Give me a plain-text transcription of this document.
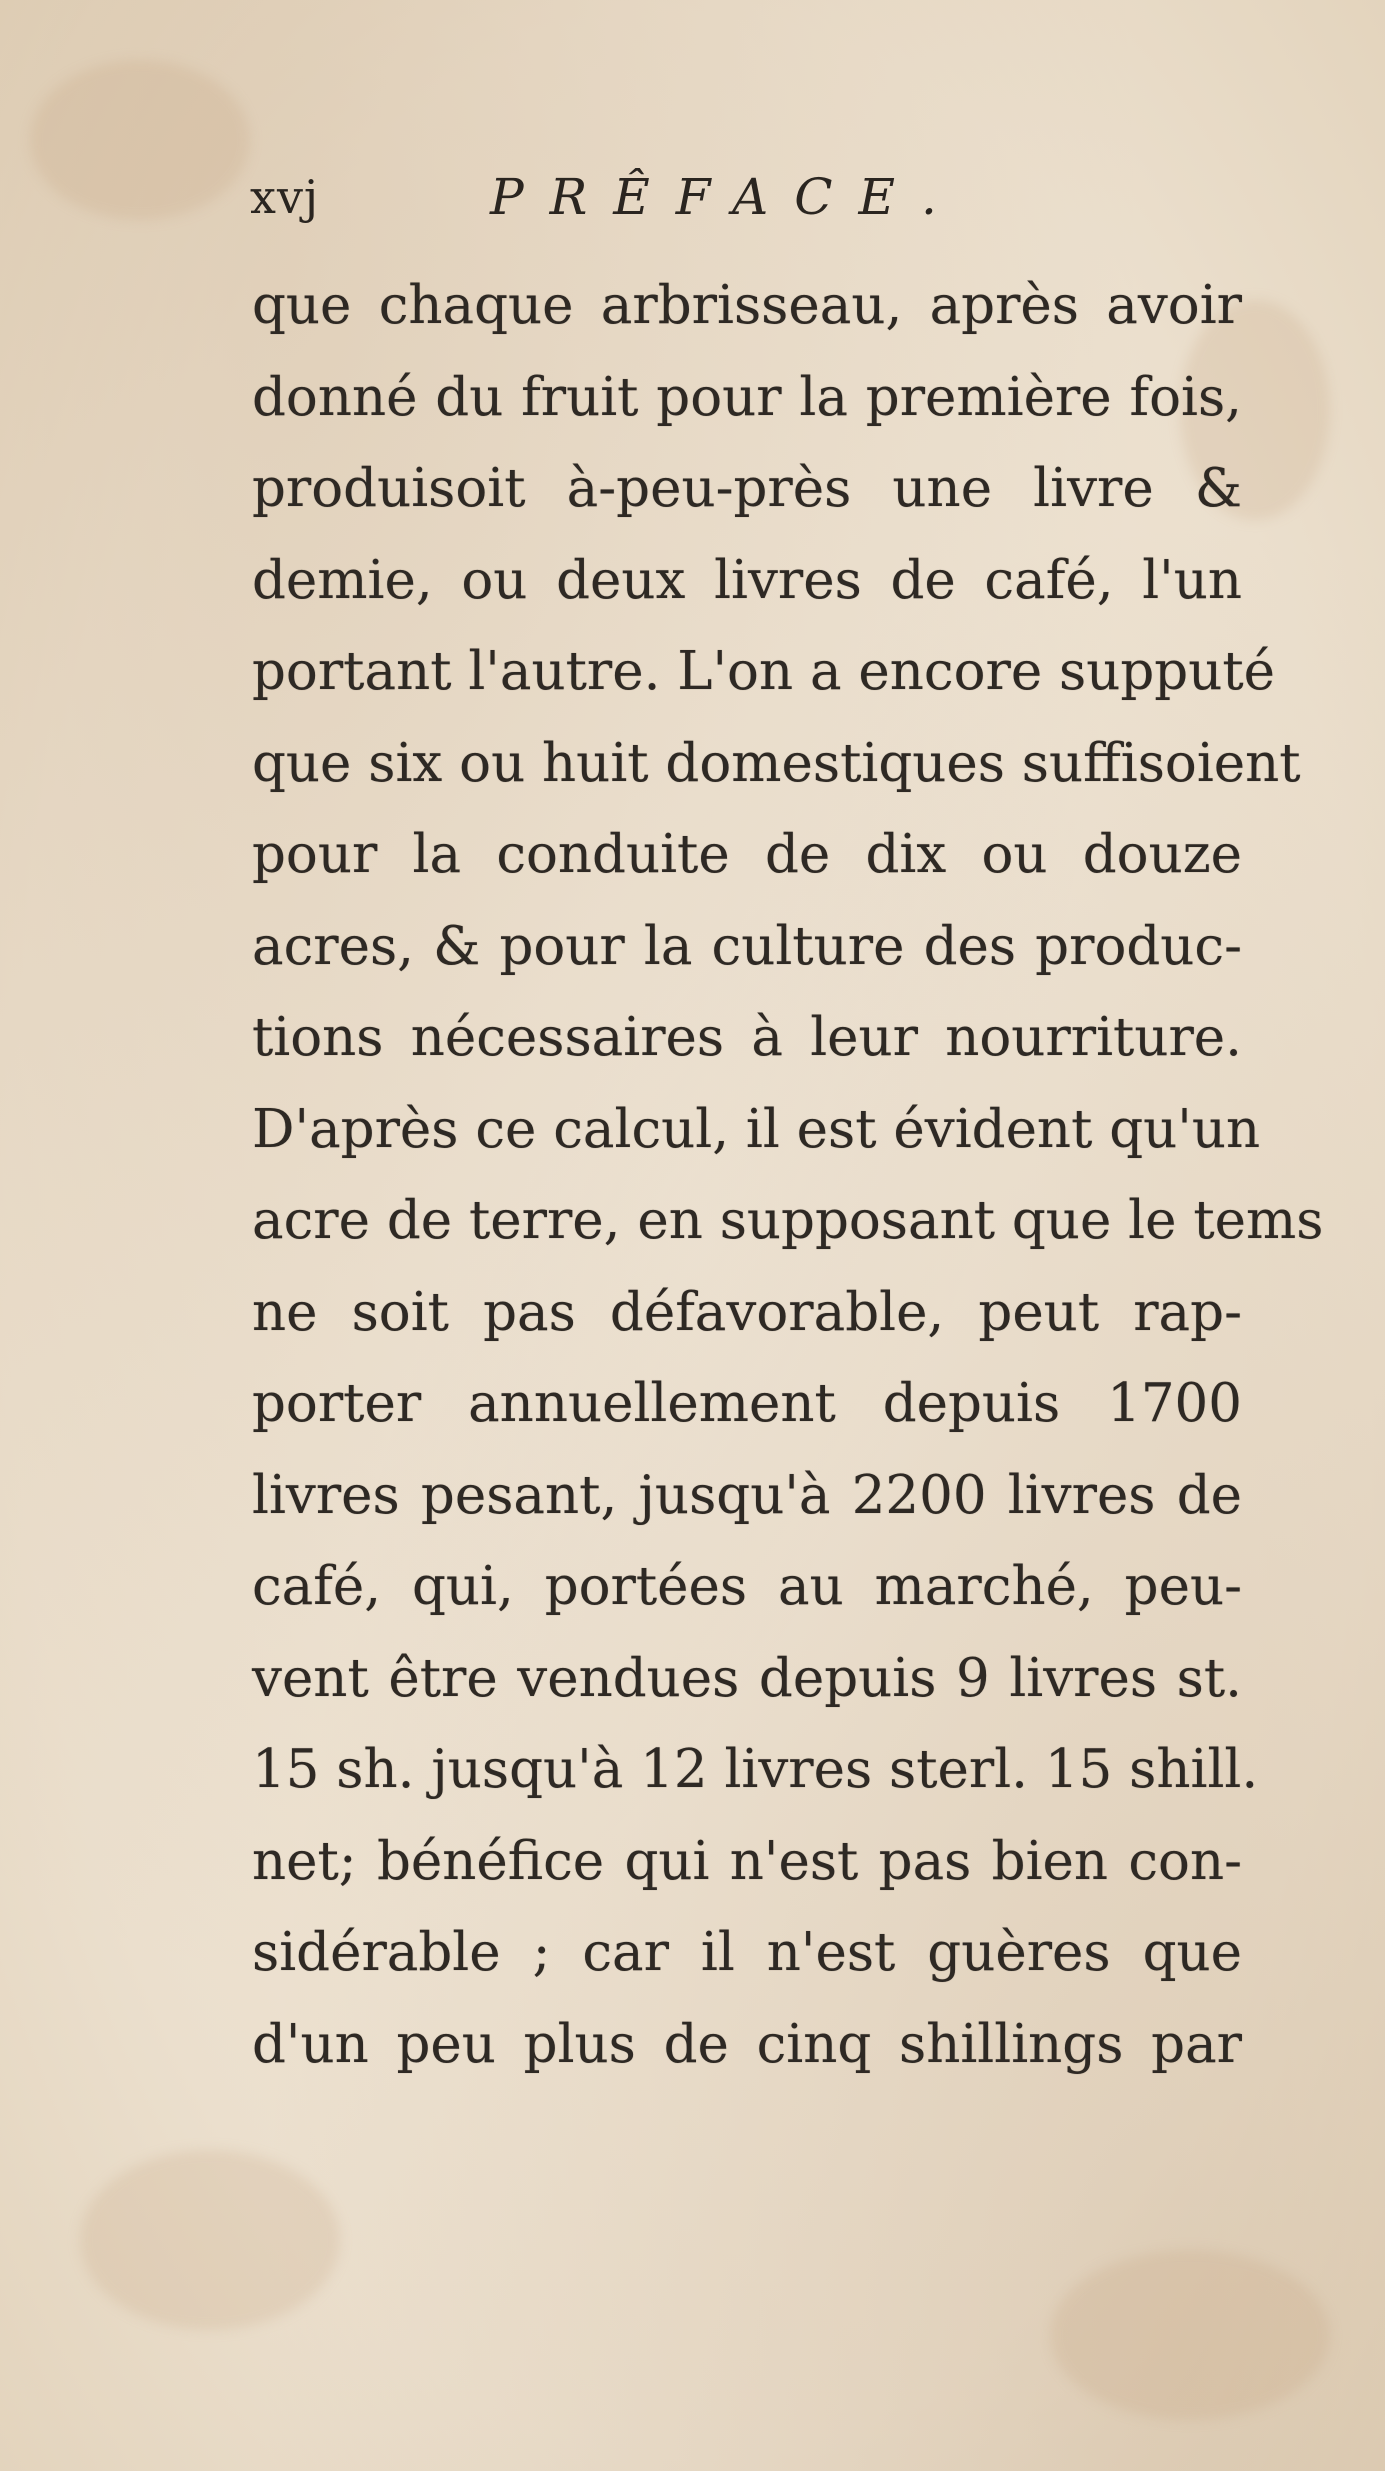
xvj	PRÊFACE.
que chaque arbrisseau, après avoir
donné du fruit pour la première fois,
produisoit à-peu-près une livre &
demie, ou deux livres de café, l'un
portant l'autre. L'on a encore supputé
que six ou huit domestiques suffisoient
pour la conduite de dix ou douze
acres, & pour la culture des produc-
tions nécessaires à leur nourriture.
D'après ce calcul, il est évident qu'un
acre de terre, en supposant que le tems
ne soit pas défavorable, peut rap-
porter annuellement depuis 1700
livres pesant, jusqu'à 2200 livres de
café, qui, portées au marché, peu-
vent être vendues depuis 9 livres st.
15 sh. jusqu'à 12 livres sterl. 15 shill.
net; bénéfice qui n'est pas bien con-
sidérable ; car il n'est guères que
d'un peu plus de cinq shillings par
